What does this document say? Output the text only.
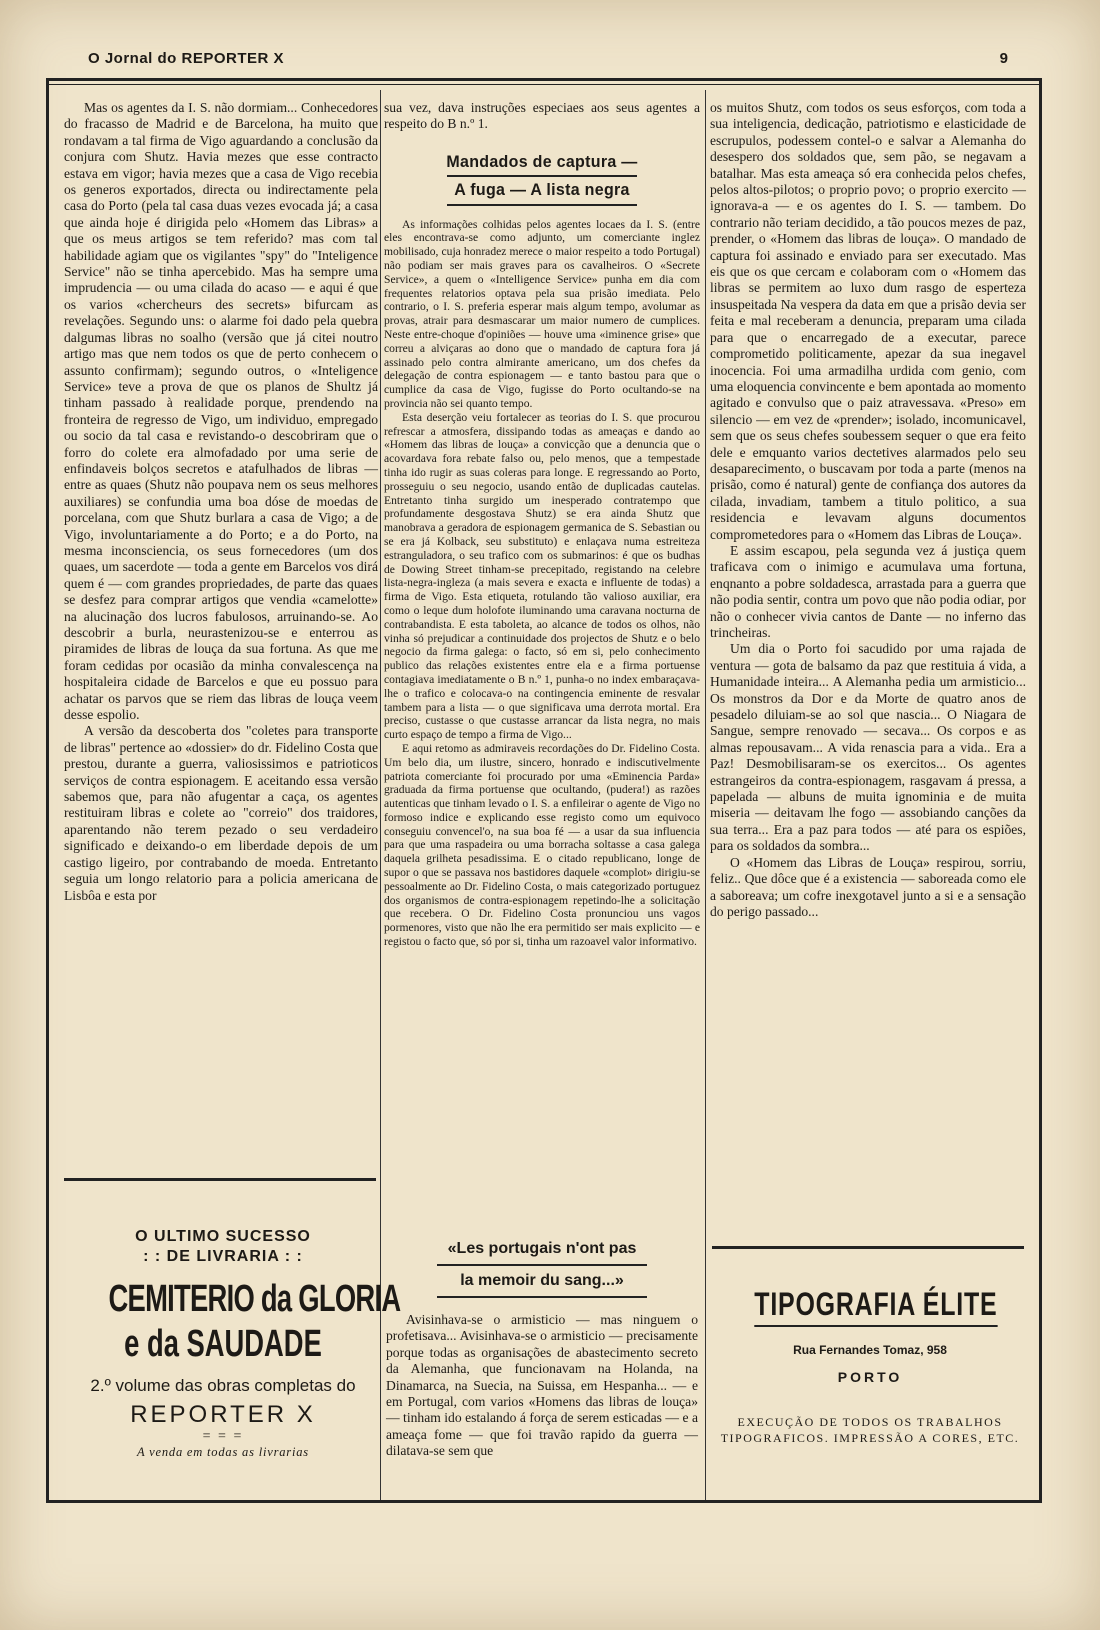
O Jornal do REPORTER X	9

Mas os agentes da I. S. não dormiam... Conhecedores do fracasso de Madrid e de Barcelona, ha muito que rondavam a tal firma de Vigo aguardando a conclusão da conjura com Shutz. Havia mezes que esse contracto estava em vigor; havia mezes que a casa de Vigo recebia os generos exportados, directa ou indirectamente pela casa do Porto (pela tal casa duas vezes evocada já; a casa que ainda hoje é dirigida pelo «Homem das Libras» a que os meus artigos se tem referido? mas com tal habilidade agiam que os vigilantes "spy" do "Inteligence Service" não se tinha apercebido. Mas ha sempre uma imprudencia — ou uma cilada do acaso — e aqui é que os varios «chercheurs des secrets» bifurcam as revelações. Segundo uns: o alarme foi dado pela quebra dalgumas libras no soalho (versão que já citei noutro artigo mas que nem todos os que de perto conhecem o assunto confirmam); segundo outros, o «Inteligence Service» teve a prova de que os planos de Shultz já tinham passado à realidade porque, prendendo na fronteira de regresso de Vigo, um individuo, empregado ou socio da tal casa e revistando-o descobriram que o forro do colete era almofadado por uma serie de enfindaveis bolços secretos e atafulhados de libras — entre as quaes (Shutz não poupava nem os seus melhores auxiliares) se confundia uma boa dóse de moedas de porcelana, com que Shutz burlara a casa de Vigo; a de Vigo, involuntariamente a do Porto; e a do Porto, na mesma inconsciencia, os seus fornecedores (um dos quaes, um sacerdote — toda a gente em Barcelos vos dirá quem é — com grandes propriedades, de parte das quaes se desfez para comprar artigos que vendia «camelotte» na alucinação dos lucros fabulosos, arruinando-se. Ao descobrir a burla, neurastenizou-se e enterrou as piramides de libras de louça da sua fortuna. As que me foram cedidas por ocasião da minha convalescença na hospitaleira cidade de Barcelos e que eu possuo para achatar os parvos que se riem das libras de louça veem desse espolio.

A versão da descoberta dos "coletes para transporte de libras" pertence ao «dossier» do dr. Fidelino Costa que prestou, durante a guerra, valiosissimos e patrioticos serviços de contra espionagem. E aceitando essa versão sabemos que, para não afugentar a caça, os agentes restituiram libras e colete ao "correio" dos traidores, aparentando não terem pezado o seu verdadeiro significado e deixando-o em liberdade depois de um castigo ligeiro, por contrabando de moeda. Entretanto seguia um longo relatorio para a policia americana de Lisbôa e esta por

sua vez, dava instruções especiaes aos seus agentes a respeito do B n.º 1.

Mandados de captura —
A fuga — A lista negra

As informações colhidas pelos agentes locaes da I. S. (entre eles encontrava-se como adjunto, um comerciante inglez mobilisado, cuja honradez merece o maior respeito a todo Portugal) não podiam ser mais graves para os cavalheiros. O «Secrete Service», a quem o «Intelligence Service» punha em dia com frequentes relatorios optava pela sua prisão imediata. Pelo contrario, o I. S. preferia esperar mais algum tempo, avolumar as provas, atrair para desmascarar um maior numero de cumplices. Neste entre-choque d'opiniões — houve uma «iminence grise» que correu a alviçaras ao dono que o mandado de captura fora já assinado pelo contra almirante americano, um dos chefes da delegação de contra espionagem — e tanto bastou para que o cumplice da casa de Vigo, fugisse do Porto ocultando-se na provincia não sei quanto tempo.

Esta deserção veiu fortalecer as teorias do I. S. que procurou refrescar a atmosfera, dissipando todas as ameaças e dando ao «Homem das libras de louça» a convicção que a denuncia que o acovardava fora rebate falso ou, pelo menos, que a tempestade tinha ido rugir as suas coleras para longe. E regressando ao Porto, prosseguiu o seu negocio, usando então de duplicadas cautelas. Entretanto tinha surgido um inesperado contratempo que profundamente desgostava Shutz) se era ainda Shutz que manobrava a geradora de espionagem germanica de S. Sebastian ou se era já Kolback, seu substituto) e enlaçava numa estreiteza estranguladora, o seu trafico com os submarinos: é que os budhas de Dowing Street tinham-se precepitado, registando na celebre lista-negra-ingleza (a mais severa e exacta e influente de todas) a firma de Vigo. Esta etiqueta, rotulando tão valioso auxiliar, era como o leque dum holofote iluminando uma caravana nocturna de contrabandista. E esta taboleta, ao alcance de todos os olhos, não vinha só prejudicar a continuidade dos projectos de Shutz e o belo negocio da firma galega: o facto, só em si, pelo conhecimento publico das relações existentes entre ela e a firma portuense contagiava imediatamente o B n.º 1, punha-o no index embaraçava-lhe o trafico e colocava-o na contingencia eminente de resvalar tambem para a lista — o que significava uma derrota mortal. Era preciso, custasse o que custasse arrancar da lista negra, no mais curto espaço de tempo a firma de Vigo...

E aqui retomo as admiraveis recordações do Dr. Fidelino Costa. Um belo dia, um ilustre, sincero, honrado e indiscutivelmente patriota comerciante foi procurado por uma «Eminencia Parda» graduada da firma portuense que ocultando, (pudera!) as razões autenticas que tinham levado o I. S. a enfileirar o agente de Vigo no formoso indice e explicando esse registo como um equivoco conseguiu convencel'o, na sua boa fé — a usar da sua influencia para que uma raspadeira ou uma borracha soltasse a casa galega daquela grilheta pesadissima. E o citado republicano, longe de supor o que se passava nos bastidores daquele «complot» dirigiu-se pessoalmente ao Dr. Fidelino Costa, o mais categorizado portuguez dos organismos de contra-espionagem repetindo-lhe a solicitação que recebera. O Dr. Fidelino Costa pronunciou uns vagos pormenores, visto que não lhe era permitido ser mais explicito — e registou o facto que, só por si, tinha um razoavel valor informativo.

os muitos Shutz, com todos os seus esforços, com toda a sua inteligencia, dedicação, patriotismo e elasticidade de escrupulos, podessem contel-o e salvar a Alemanha do desespero dos soldados que, sem pão, se negavam a batalhar. Mas esta ameaça só era conhecida pelos chefes, pelos altos-pilotos; o proprio povo; o proprio exercito — ignorava-a — e os agentes do I. S. — tambem. Do contrario não teriam decidido, a tão poucos mezes de paz, prender, o «Homem das libras de louça». O mandado de captura foi assinado e enviado para ser executado. Mas eis que os que cercam e colaboram com o «Homem das libras se permitem ao luxo dum rasgo de esperteza insuspeitada Na vespera da data em que a prisão devia ser feita e mal receberam a denuncia, preparam uma cilada para que o encarregado de a executar, parece comprometido politicamente, apezar da sua inegavel inocencia. Foi uma armadilha urdida com genio, com uma eloquencia convincente e bem apontada ao momento agitado e convulso que o paiz atravessava. «Preso» em silencio — em vez de «prender»; isolado, incomunicavel, sem que os seus chefes soubessem sequer o que era feito dele e emquanto varios dectetives alarmados pelo seu desaparecimento, o buscavam por toda a parte (menos na prisão, como é natural) gente de confiança dos autores da cilada, invadiam, tambem a titulo politico, a sua residencia e levavam alguns documentos comprometedores para o «Homem das Libras de Louça».

E assim escapou, pela segunda vez á justiça quem traficava com o inimigo e acumulava uma fortuna, enqnanto a pobre soldadesca, arrastada para a guerra que não podia sentir, contra um povo que não podia odiar, por não o conhecer vivia cantos de Dante — no inferno das trincheiras.

Um dia o Porto foi sacudido por uma rajada de ventura — gota de balsamo da paz que restituia á vida, a Humanidade inteira... A Alemanha pedia um armisticio... Os monstros da Dor e da Morte de quatro anos de pesadelo diluiam-se ao sol que nascia... O Niagara de Sangue, sempre renovado — secava... Os corpos e as almas repousavam... A vida renascia para a vida.. Era a Paz! Desmobilisaram-se os exercitos... Os agentes estrangeiros da contra-espionagem, rasgavam á pressa, a papelada — albuns de muita ignominia e de muita miseria — deitavam lhe fogo — assobiando canções da sua terra... Era a paz para todos — até para os espiões, para os soldados da sombra...

O «Homem das Libras de Louça» respirou, sorriu, feliz.. Que dôce que é a existencia — saboreada como ele a saboreava; um cofre inexgotavel junto a si e a sensação do perigo passado...

O ULTIMO SUCESSO
: : DE LIVRARIA : :
CEMITERIO da GLORIA
e da SAUDADE
2.º volume das obras completas do
REPORTER X
= = =
A venda em todas as livrarias
«Les portugais n'ont pas
la memoir du sang...»

Avisinhava-se o armisticio — mas ninguem o profetisava... Avisinhava-se o armisticio — precisamente porque todas as organisações de abastecimento secreto da Alemanha, que funcionavam na Holanda, na Dinamarca, na Suecia, na Suissa, em Hespanha... — e em Portugal, com varios «Homens das libras de louça» — tinham ido estalando á força de serem esticadas — e a ameaça fome — que foi travão rapido da guerra — dilatava-se sem que

TIPOGRAFIA ÉLITE
Rua Fernandes Tomaz, 958
PORTO
EXECUÇÃO DE TODOS OS TRABALHOS TIPOGRAFICOS. IMPRESSÃO A CORES, ETC.
